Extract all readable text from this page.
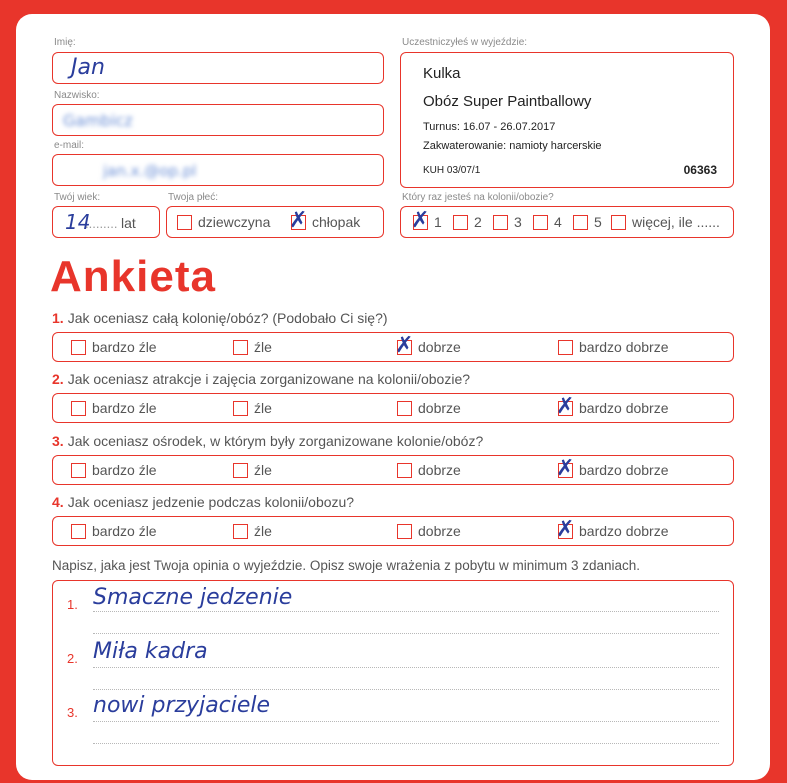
Imię:
Jan
Nazwisko:
Gambicz
e-mail:
jan.x.@op.pl
Twój wiek:
14
......... lat
Twoja płeć:
dziewczyna ✗ chłopak
Uczestniczyłeś w wyjeździe:
Kulka
Obóz Super Paintballowy
Turnus: 16.07 - 26.07.2017
Zakwaterowanie: namioty harcerskie
KUH 03/07/1	06363
Który raz jesteś na kolonii/obozie?
✗ 1 2 3 4 5 więcej, ile ......
Ankieta
1. Jak oceniasz całą kolonię/obóz? (Podobało Ci się?)
bardzo źle	źle	✗ dobrze	bardzo dobrze
2. Jak oceniasz atrakcje i zajęcia zorganizowane na kolonii/obozie?
bardzo źle	źle	dobrze	✗ bardzo dobrze
3. Jak oceniasz ośrodek, w którym były zorganizowane kolonie/obóz?
bardzo źle	źle	dobrze	✗ bardzo dobrze
4. Jak oceniasz jedzenie podczas kolonii/obozu?
bardzo źle	źle	dobrze	✗ bardzo dobrze
Napisz, jaka jest Twoja opinia o wyjeździe. Opisz swoje wrażenia z pobytu w minimum 3 zdaniach.
1. Smaczne jedzenie
2. Miła kadra
3. nowi przyjaciele
